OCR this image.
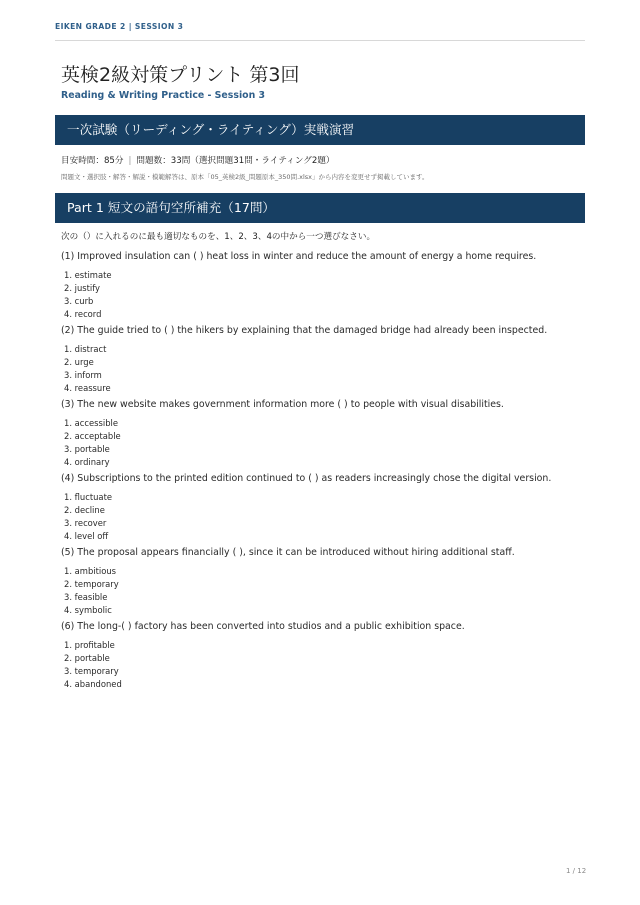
EIKEN GRADE 2 | SESSION 3
英検2級対策プリント 第3回
Reading & Writing Practice - Session 3
一次試験（リーディング・ライティング）実戦演習
目安時間：85分 | 問題数：33問（選択問題31問・ライティング2題）
問題文・選択肢・解答・解説・模範解答は、原本「05_英検2級_問題原本_350問.xlsx」から内容を変更せず掲載しています。
Part 1 短文の語句空所補充（17問）
次の（）に入れるのに最も適切なものを、1、2、3、4の中から一つ選びなさい。
(1) Improved insulation can ( ) heat loss in winter and reduce the amount of energy a home requires.
1. estimate
2. justify
3. curb
4. record
(2) The guide tried to ( ) the hikers by explaining that the damaged bridge had already been inspected.
1. distract
2. urge
3. inform
4. reassure
(3) The new website makes government information more ( ) to people with visual disabilities.
1. accessible
2. acceptable
3. portable
4. ordinary
(4) Subscriptions to the printed edition continued to ( ) as readers increasingly chose the digital version.
1. fluctuate
2. decline
3. recover
4. level off
(5) The proposal appears financially ( ), since it can be introduced without hiring additional staff.
1. ambitious
2. temporary
3. feasible
4. symbolic
(6) The long-( ) factory has been converted into studios and a public exhibition space.
1. profitable
2. portable
3. temporary
4. abandoned
1 / 12
